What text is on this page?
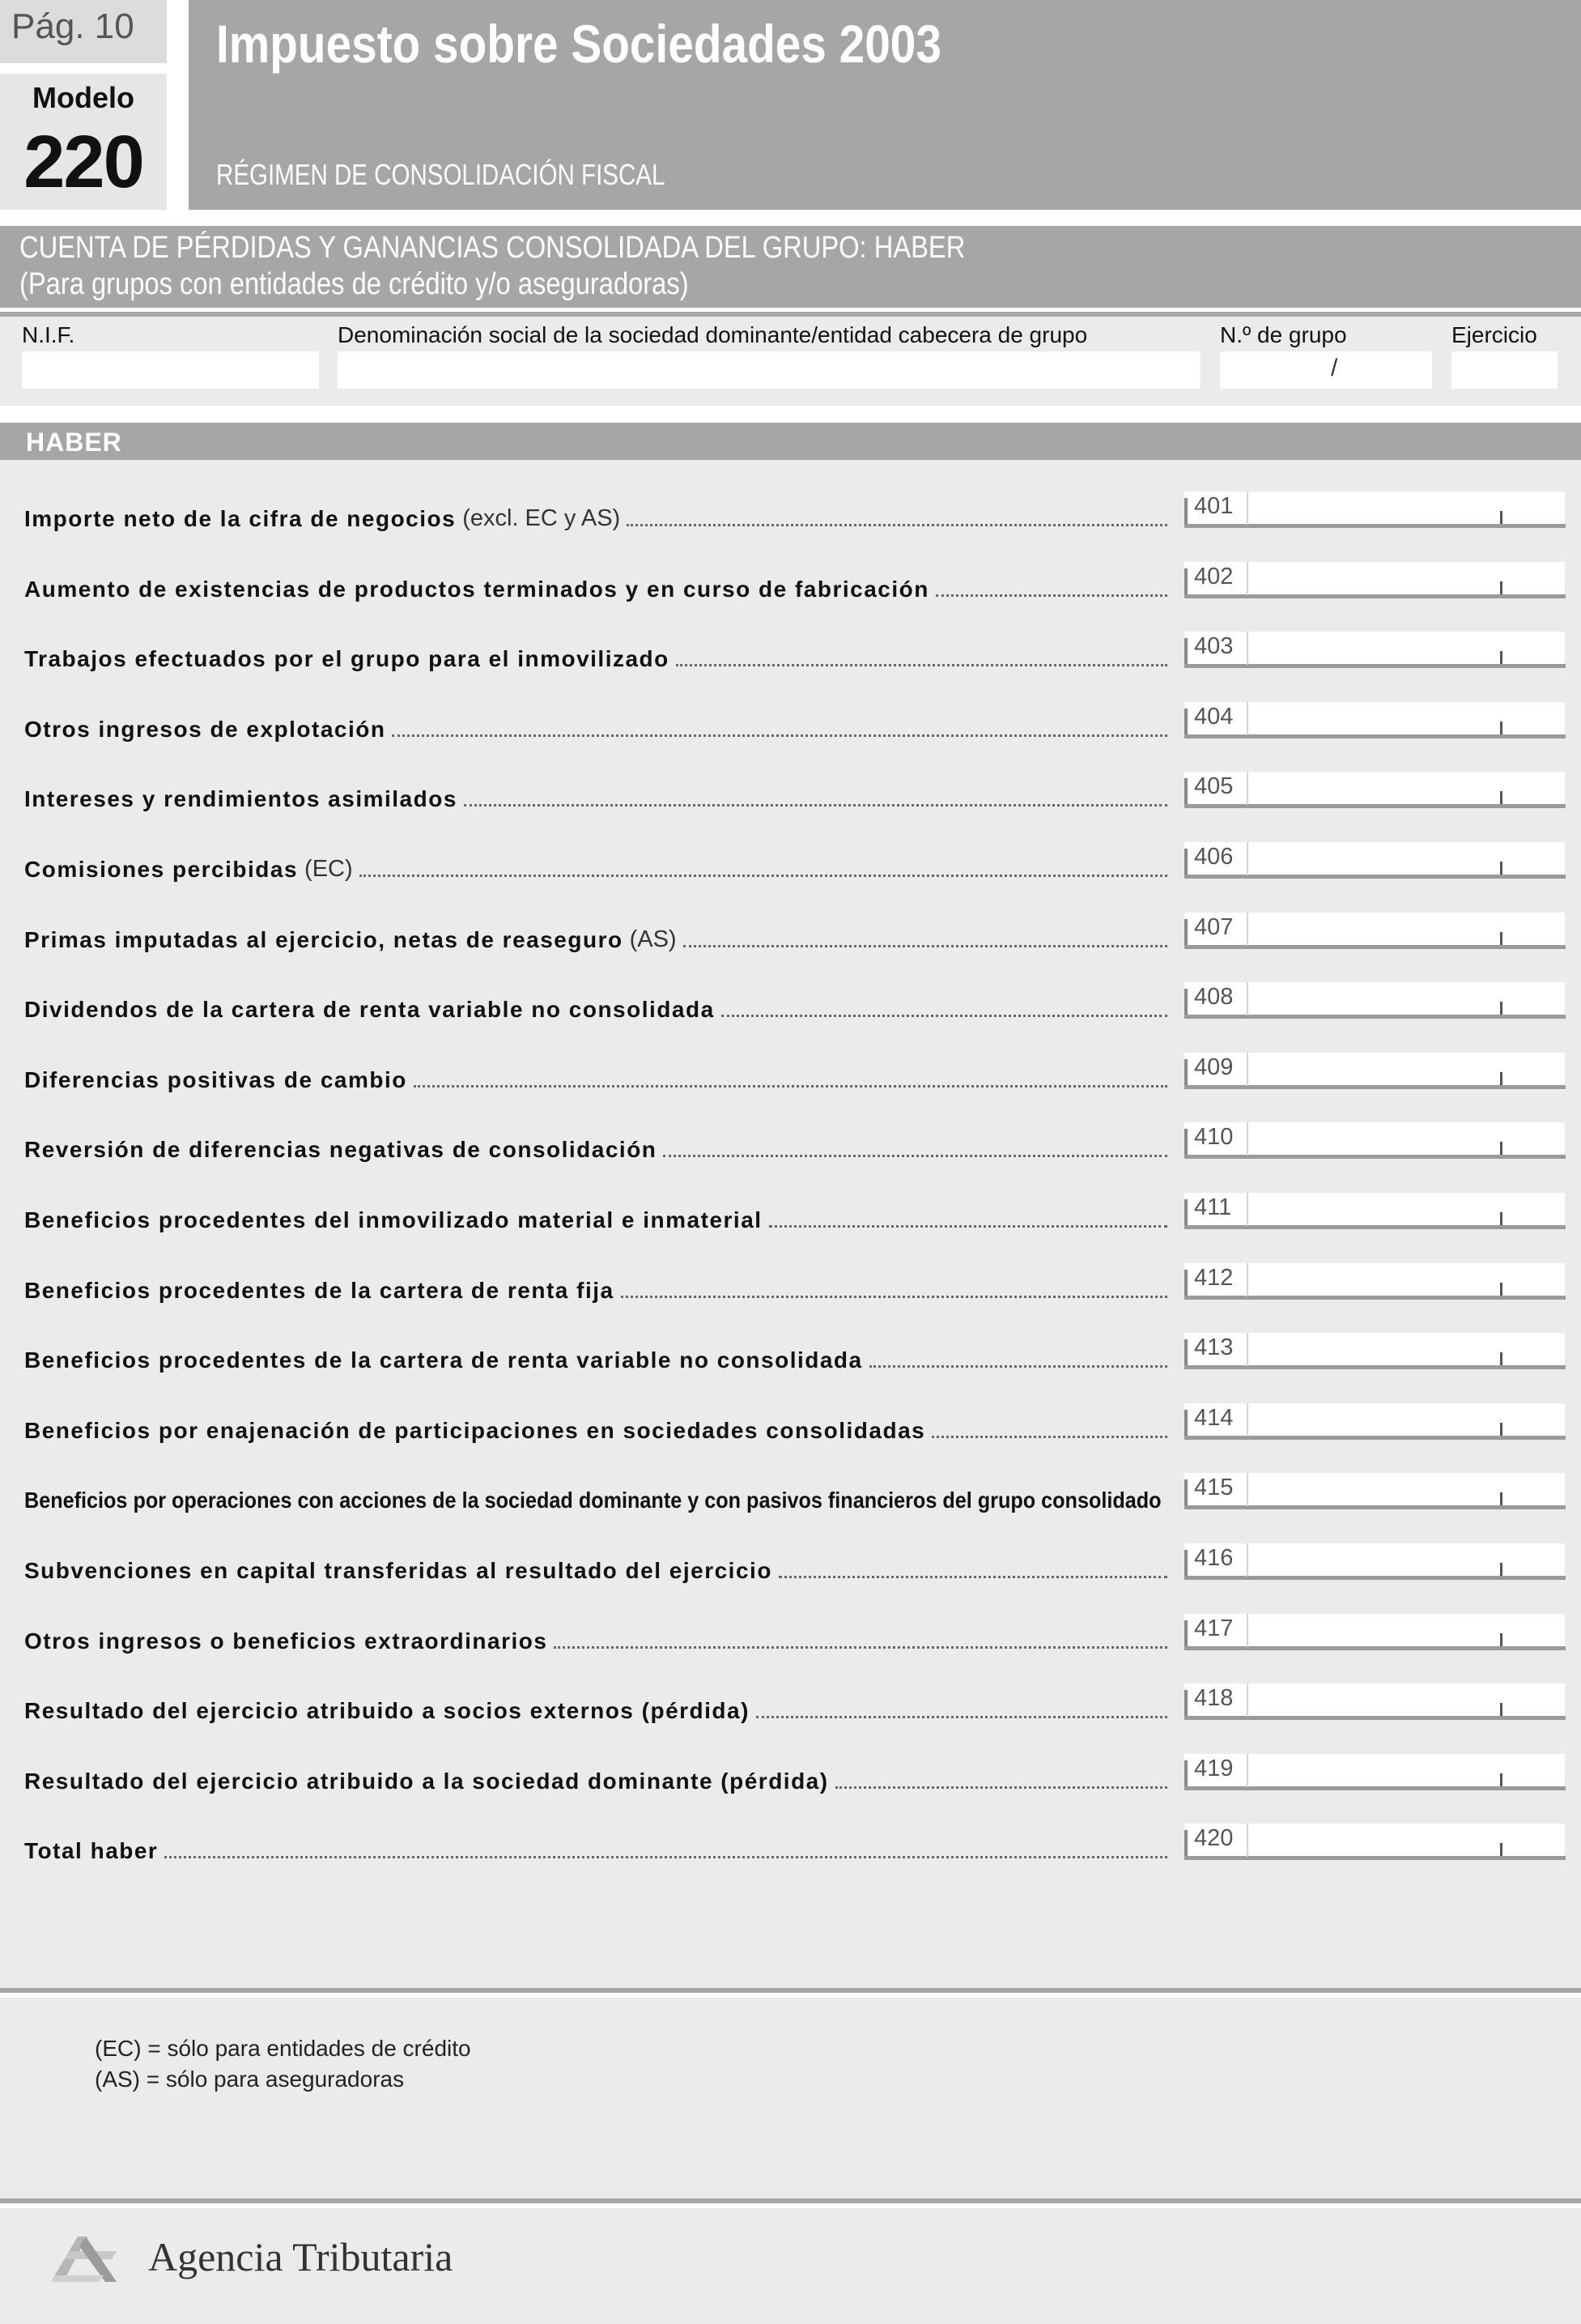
Pág. 10
Modelo
220
Impuesto sobre Sociedades 2003
RÉGIMEN DE CONSOLIDACIÓN FISCAL
CUENTA DE PÉRDIDAS Y GANANCIAS CONSOLIDADA DEL GRUPO: HABER
(Para grupos con entidades de crédito y/o aseguradoras)
N.I.F.	Denominación social de la sociedad dominante/entidad cabecera de grupo	N.º de grupo	Ejercicio
/
HABER
Importe neto de la cifra de negocios (excl. EC y AS)	401
Aumento de existencias de productos terminados y en curso de fabricación	402
Trabajos efectuados por el grupo para el inmovilizado	403
Otros ingresos de explotación	404
Intereses y rendimientos asimilados	405
Comisiones percibidas (EC)	406
Primas imputadas al ejercicio, netas de reaseguro (AS)	407
Dividendos de la cartera de renta variable no consolidada	408
Diferencias positivas de cambio	409
Reversión de diferencias negativas de consolidación	410
Beneficios procedentes del inmovilizado material e inmaterial	411
Beneficios procedentes de la cartera de renta fija	412
Beneficios procedentes de la cartera de renta variable no consolidada	413
Beneficios por enajenación de participaciones en sociedades consolidadas	414
Beneficios por operaciones con acciones de la sociedad dominante y con pasivos financieros del grupo consolidado 415
Subvenciones en capital transferidas al resultado del ejercicio	416
Otros ingresos o beneficios extraordinarios	417
Resultado del ejercicio atribuido a socios externos (pérdida)	418
Resultado del ejercicio atribuido a la sociedad dominante (pérdida)	419
Total haber	420
(EC) = sólo para entidades de crédito
(AS) = sólo para aseguradoras
Agencia Tributaria
